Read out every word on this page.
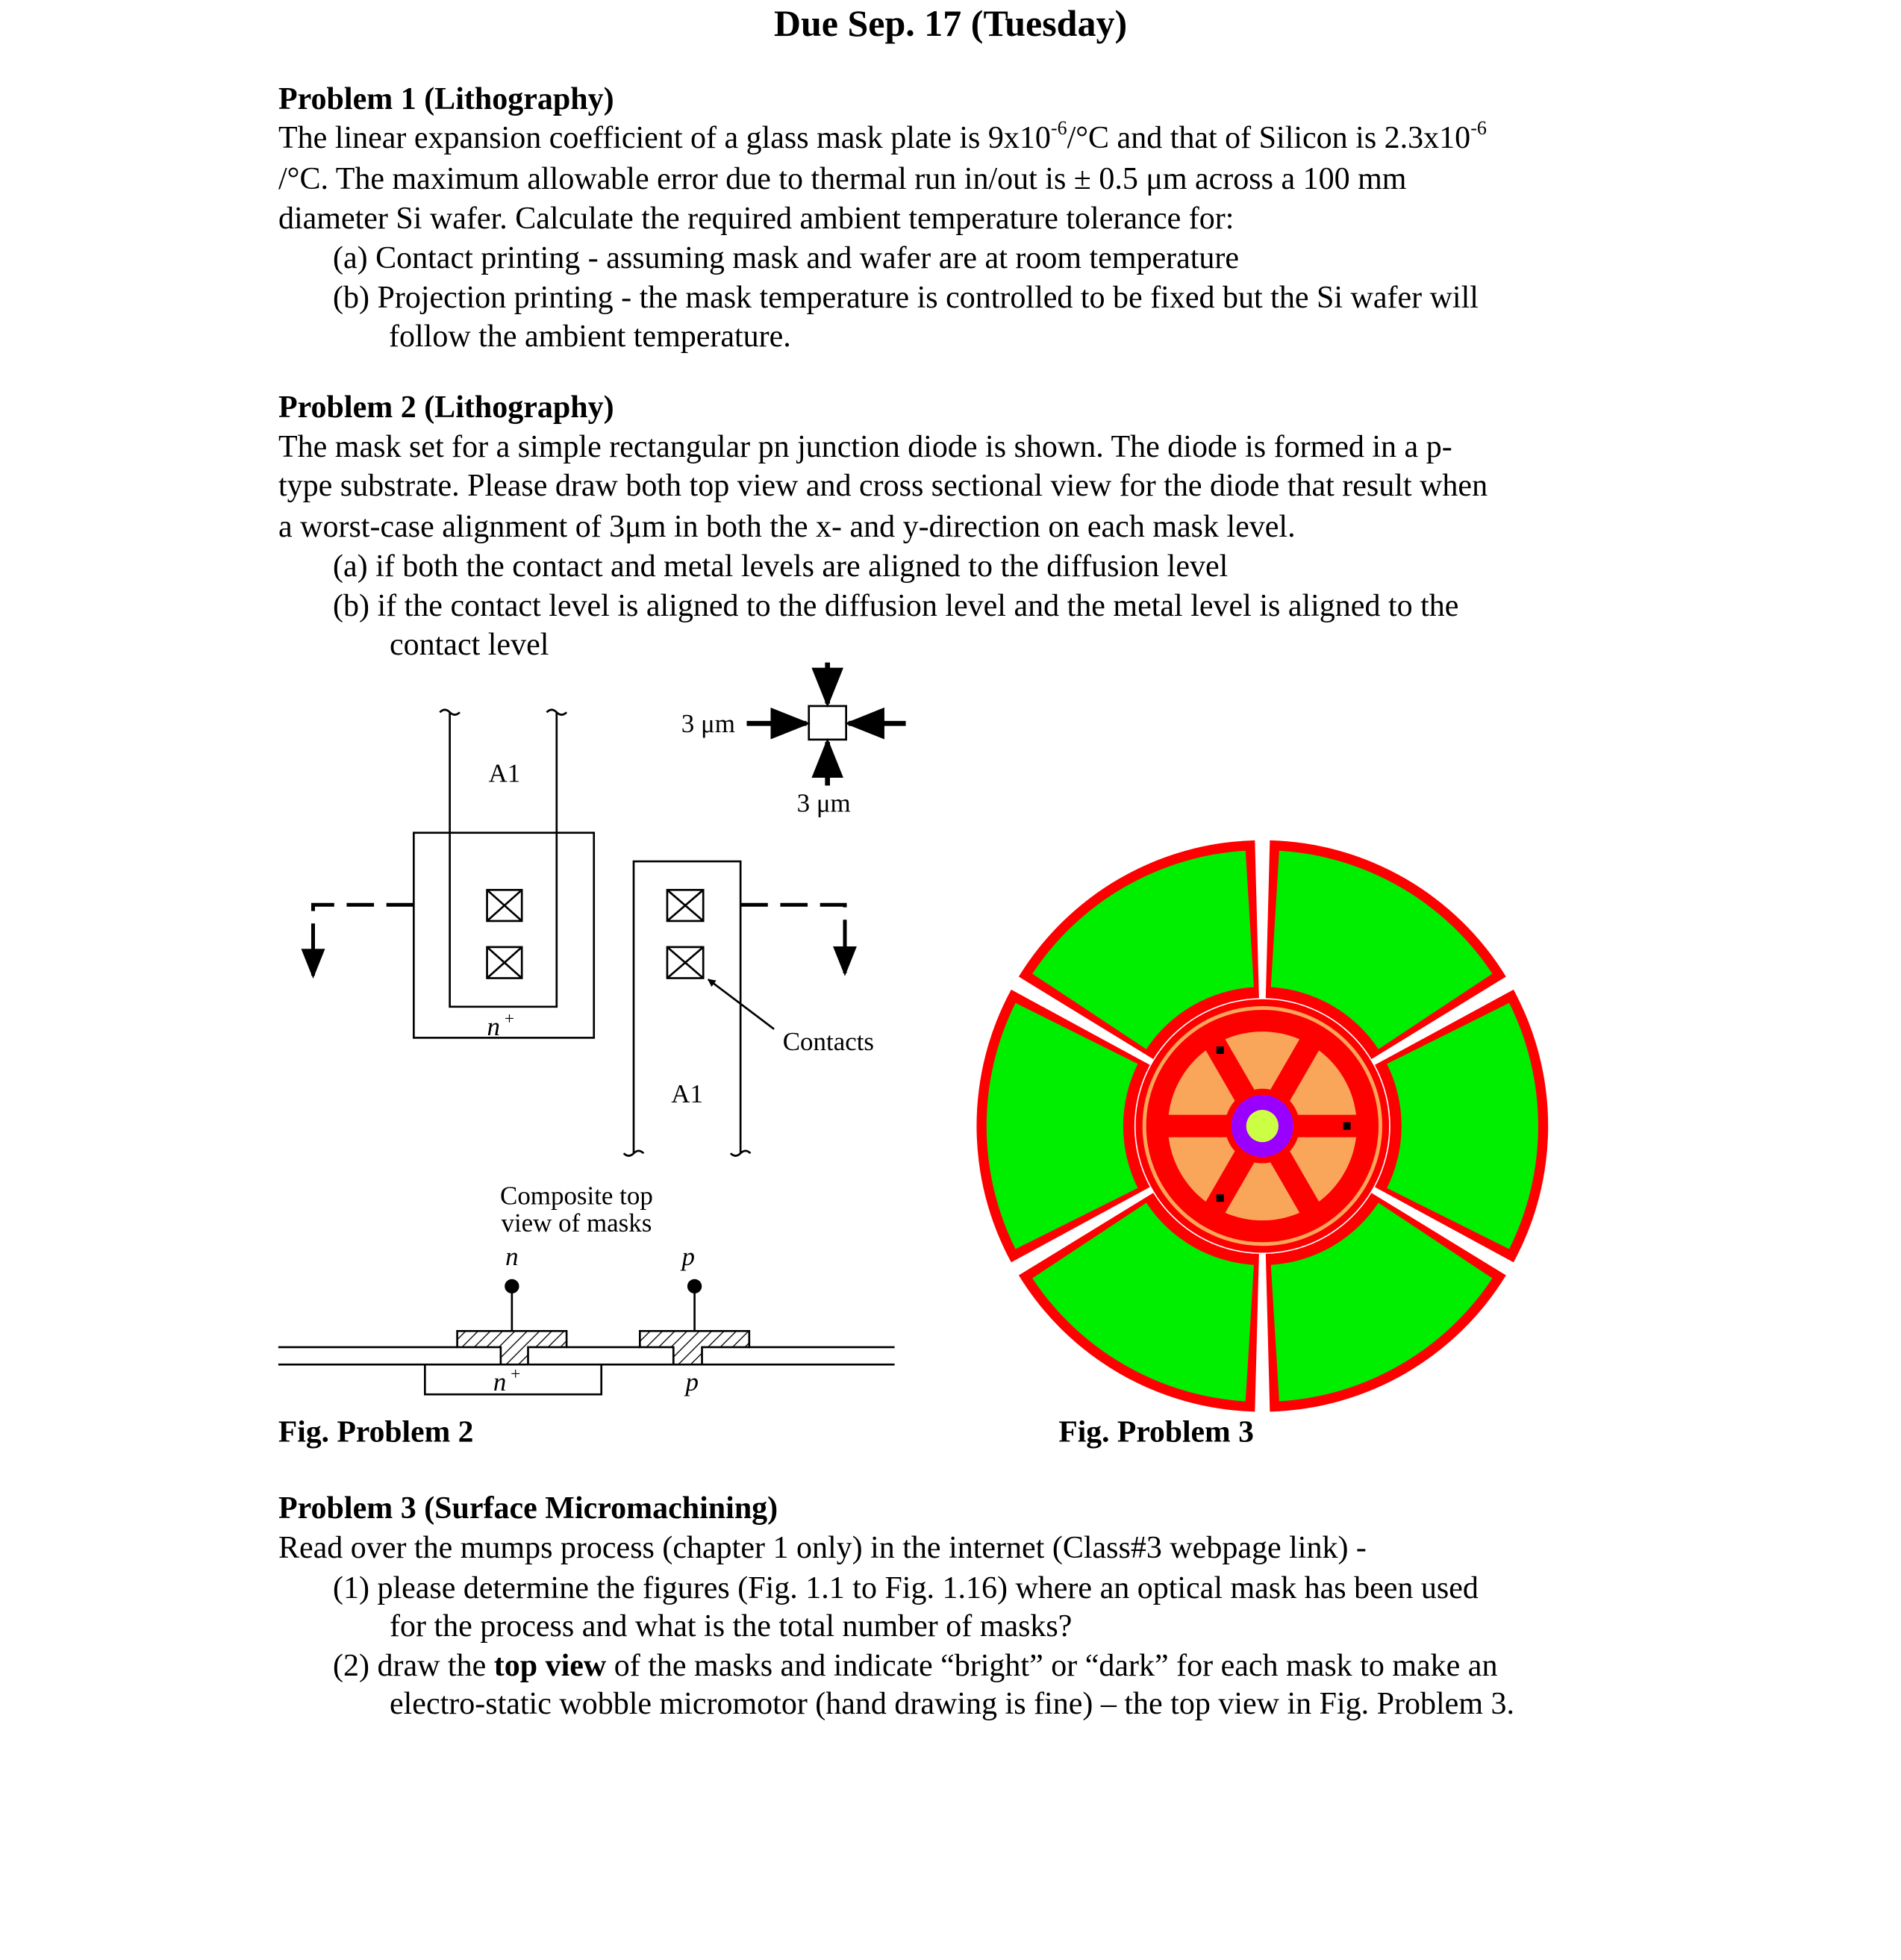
Due Sep. 17 (Tuesday)
Problem 1 (Lithography)
The linear expansion coefficient of a glass mask plate is $9x10^{-6}/^\circ C$ and that of Silicon is $2.3x10^{-6}$
/°C. The maximum allowable error due to thermal run in/out is ± 0.5 μm across a 100 mm
diameter Si wafer. Calculate the required ambient temperature tolerance for:
(a) Contact printing - assuming mask and wafer are at room temperature
(b) Projection printing - the mask temperature is controlled to be fixed but the Si wafer will
follow the ambient temperature.
Problem 2 (Lithography)
The mask set for a simple rectangular pn junction diode is shown. The diode is formed in a p-
type substrate. Please draw both top view and cross sectional view for the diode that result when
a worst-case alignment of 3μm in both the x- and y-direction on each mask level.
(a) if both the contact and metal levels are aligned to the diffusion level
(b) if the contact level is aligned to the diffusion level and the metal level is aligned to the
contact level
A1
A1
n +
3 μm
3 μm
Contacts
Composite top
view of masks
n	p
n +	p
Fig. Problem 2	Fig. Problem 3
Problem 3 (Surface Micromachining)
Read over the mumps process (chapter 1 only) in the internet (Class#3 webpage link) -
(1) please determine the figures (Fig. 1.1 to Fig. 1.16) where an optical mask has been used
for the process and what is the total number of masks?
(2) draw the top view of the masks and indicate “bright” or “dark” for each mask to make an
electro-static wobble micromotor (hand drawing is fine) – the top view in Fig. Problem 3.
